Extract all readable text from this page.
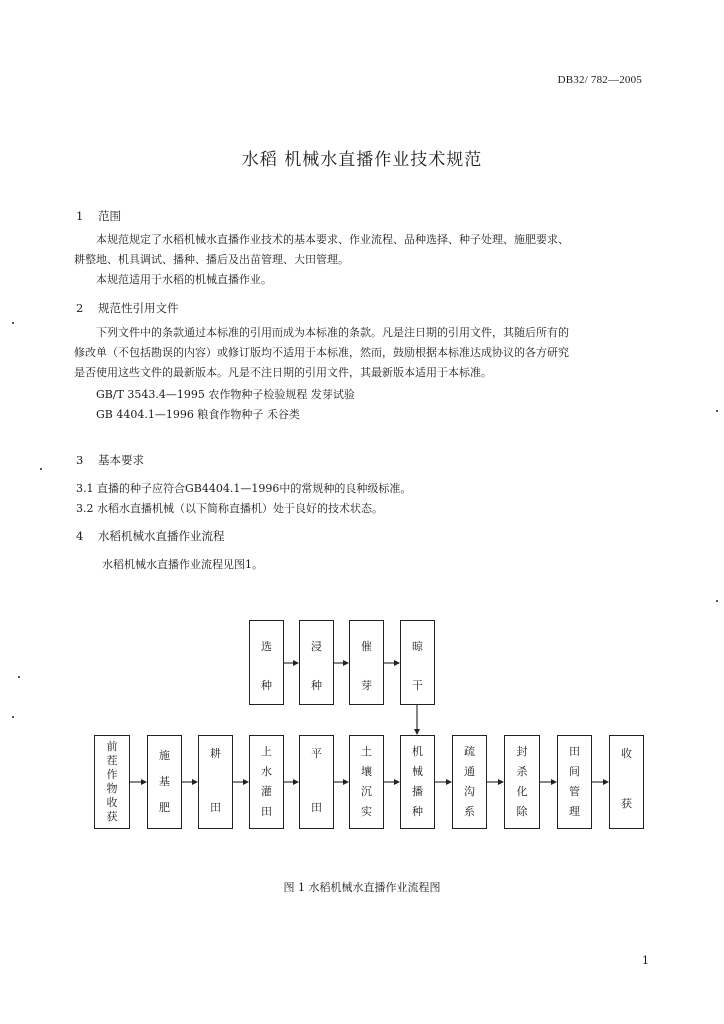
DB32/ 782—2005
水稻 机械水直播作业技术规范
1 范围
本规范规定了水稻机械水直播作业技术的基本要求、作业流程、品种选择、种子处理、施肥要求、
耕整地、机具调试、播种、播后及出苗管理、大田管理。
本规范适用于水稻的机械直播作业。
2 规范性引用文件
下列文件中的条款通过本标准的引用而成为本标准的条款。凡是注日期的引用文件，其随后所有的
修改单（不包括勘误的内容）或修订版均不适用于本标准，然而，鼓励根据本标准达成协议的各方研究
是否使用这些文件的最新版本。凡是不注日期的引用文件，其最新版本适用于本标准。
GB/T 3543.4—1995 农作物种子检验规程 发芽试验
GB 4404.1—1996 粮食作物种子 禾谷类
3 基本要求
3.1 直播的种子应符合GB4404.1—1996中的常规种的良种级标准。
3.2 水稻水直播机械（以下简称直播机）处于良好的技术状态。
4 水稻机械水直播作业流程
水稻机械水直播作业流程见图1。
选
种
浸
种
催
芽
晾
干
前
茬
作
物
收
获
施
基
肥
耕
田
上
水
灌
田
平
田
土
壤
沉
实
机
械
播
种
疏
通
沟
系
封
杀
化
除
田
间
管
理
收
获
图 1 水稻机械水直播作业流程图
1
